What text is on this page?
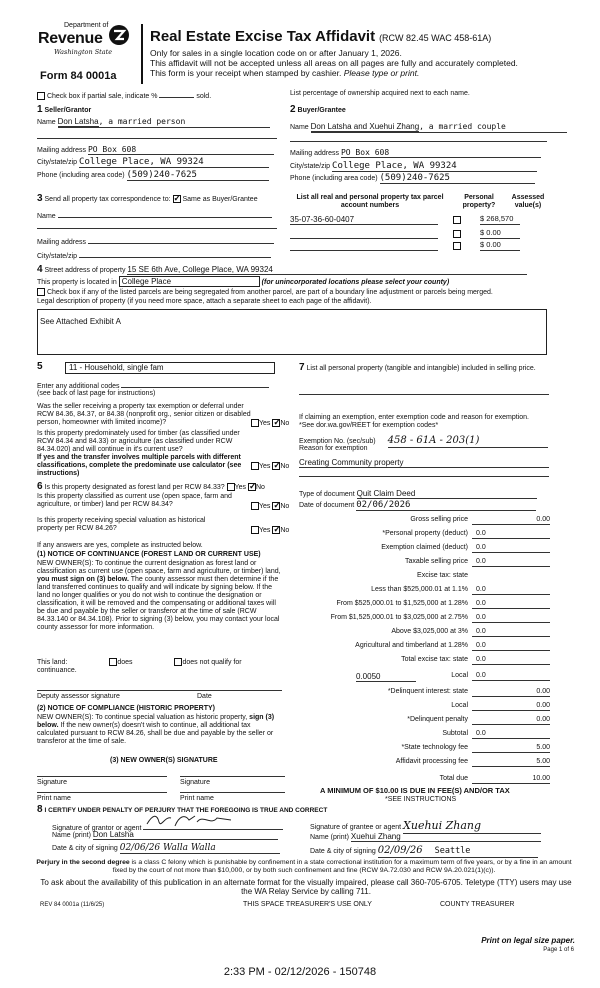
Department of
Revenue
Washington State
Form 84 0001a
Real Estate Excise Tax Affidavit (RCW 82.45 WAC 458-61A)
Only for sales in a single location code on or after January 1, 2026.
This affidavit will not be accepted unless all areas on all pages are fully and accurately completed.
This form is your receipt when stamped by cashier. Please type or print.
Check box if partial sale, indicate %	sold.	List percentage of ownership acquired next to each name.
1 Seller/Grantor
Name Don Latsha, a married person
Mailing address PO Box 608
City/state/zip College Place, WA 99324
Phone (including area code) (509)240-7625
2 Buyer/Grantee
Name Don Latsha and Xuehui Zhang, a married couple
Mailing address PO Box 608
City/state/zip College Place, WA 99324
Phone (including area code) (509)240-7625
3 Send all property tax correspondence to: ✓ Same as Buyer/Grantee
Name
Mailing address
City/state/zip
List all real and personal property tax parcel account numbers
Personal property?
Assessed value(s)
35-07-36-60-0407	$ 268,570
$ 0.00
$ 0.00
4 Street address of property 15 SE 6th Ave, College Place, WA 99324
This property is located in College Place	(for unincorporated locations please select your county)
Check box if any of the listed parcels are being segregated from another parcel, are part of a boundary line adjustment or parcels being merged.
Legal description of property (if you need more space, attach a separate sheet to each page of the affidavit).
See Attached Exhibit A
5	11 - Household, single fam
Enter any additional codes
(see back of last page for instructions)
Was the seller receiving a property tax exemption or deferral under RCW 84.36, 84.37, or 84.38 (nonprofit org., senior citizen or disabled person, homeowner with limited income)?	Yes ✓ No
Is this property predominately used for timber (as classified under RCW 84.34 and 84.33) or agriculture (as classified under RCW 84.34.020) and will continue in it's current use?
If yes and the transfer involves multiple parcels with different classifications, complete the predominate use calculator (see instructions)
Yes ✓ No
6 Is this property designated as forest land per RCW 84.33? Yes ✓ No
Is this property classified as current use (open space, farm and agriculture, or timber) land per RCW 84.34?	Yes ✓ No
Is this property receiving special valuation as historical property per RCW 84.26?	Yes ✓ No
If any answers are yes, complete as instructed below.
(1) NOTICE OF CONTINUANCE (FOREST LAND OR CURRENT USE)
NEW OWNER(S): To continue the current designation as forest land or classification as current use (open space, farm and agriculture, or timber) land, you must sign on (3) below. The county assessor must then determine if the land transferred continues to qualify and will indicate by signing below. If the land no longer qualifies or you do not wish to continue the designation or classification, it will be removed and the compensating or additional taxes will be due and payable by the seller or transferor at the time of sale (RCW 84.33.140 or 84.34.108). Prior to signing (3) below, you may contact your local county assessor for more information.
This land:	does	does not qualify for
continuance.
Deputy assessor signature	Date
(2) NOTICE OF COMPLIANCE (HISTORIC PROPERTY)
NEW OWNER(S): To continue special valuation as historic property, sign (3) below. If the new owner(s) doesn't wish to continue, all additional tax calculated pursuant to RCW 84.26, shall be due and payable by the seller or transferor at the time of sale.
(3) NEW OWNER(S) SIGNATURE
Signature	Signature
Print name	Print name
7 List all personal property (tangible and intangible) included in selling price.
If claiming an exemption, enter exemption code and reason for exemption.
*See dor.wa.gov/REET for exemption codes*
Exemption No. (sec/sub) 458 - 61A - 203(1)
Reason for exemption
Creating Community property
Type of document Quit Claim Deed
Date of document 02/06/2026
Gross selling price	0.00
*Personal property (deduct)	0.0
Exemption claimed (deduct)	0.0
Taxable selling price	0.0
Excise tax: state
Less than $525,000.01 at 1.1%	0.0
From $525,000.01 to $1,525,000 at 1.28%	0.0
From $1,525,000.01 to $3,025,000 at 2.75%	0.0
Above $3,025,000 at 3%	0.0
Agricultural and timberland at 1.28%	0.0
Total excise tax: state	0.0
0.0050	Local	0.0
*Delinquent interest: state	0.00
Local	0.00
*Delinquent penalty	0.00
Subtotal	0.0
*State technology fee	5.00
Affidavit processing fee	5.00
Total due	10.00
A MINIMUM OF $10.00 IS DUE IN FEE(S) AND/OR TAX
*SEE INSTRUCTIONS
8 I CERTIFY UNDER PENALTY OF PERJURY THAT THE FOREGOING IS TRUE AND CORRECT
Signature of grantor or agent
Name (print) Don Latsha
Date & city of signing 02/06/26 Walla Walla
Signature of grantee or agent Xuehui Zhang
Name (print) Xuehui Zhang
Date & city of signing 02/09/26 Seattle
Perjury in the second degree is a class C felony which is punishable by confinement in a state correctional institution for a maximum term of five years, or by a fine in an amount fixed by the court of not more than $10,000, or by both such confinement and fine (RCW 9A.72.030 and RCW 9A.20.021(1)(c)).
To ask about the availability of this publication in an alternate format for the visually impaired, please call 360-705-6705. Teletype (TTY) users may use the WA Relay Service by calling 711.
REV 84 0001a (11/6/25)	THIS SPACE TREASURER'S USE ONLY	COUNTY TREASURER
Print on legal size paper.
Page 1 of 6
2:33 PM - 02/12/2026 - 150748
